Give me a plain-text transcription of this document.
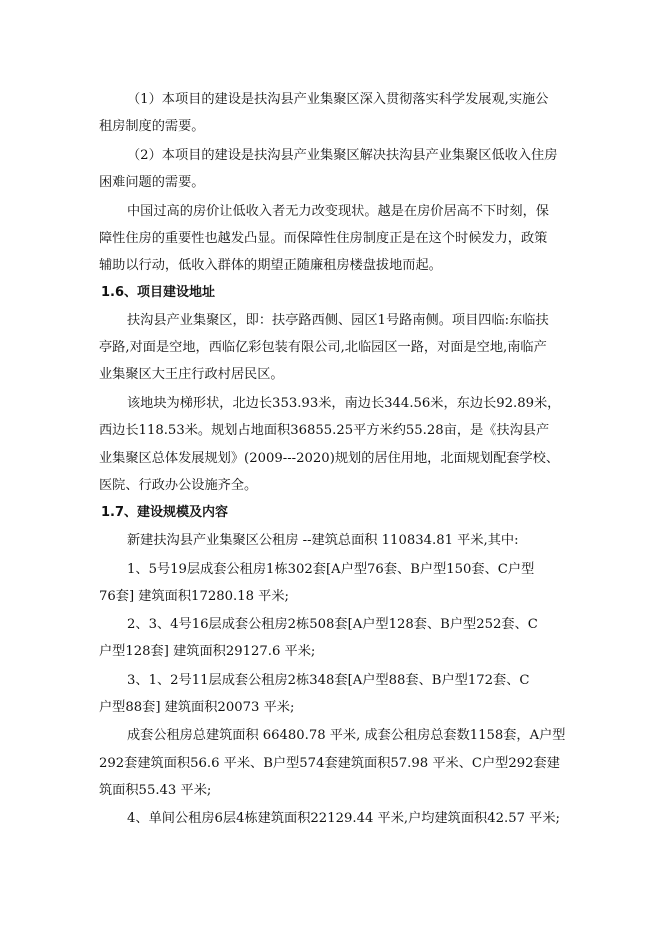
（1）本项目的建设是扶沟县产业集聚区深入贯彻落实科学发展观,实施公
租房制度的需要。
（2）本项目的建设是扶沟县产业集聚区解决扶沟县产业集聚区低收入住房
困难问题的需要。
中国过高的房价让低收入者无力改变现状。越是在房价居高不下时刻，保
障性住房的重要性也越发凸显。而保障性住房制度正是在这个时候发力，政策
辅助以行动，低收入群体的期望正随廉租房楼盘拔地而起。
1.6、项目建设地址
扶沟县产业集聚区，即：扶亭路西侧、园区1号路南侧。项目四临:东临扶
亭路,对面是空地，西临亿彩包装有限公司,北临园区一路，对面是空地,南临产
业集聚区大王庄行政村居民区。
该地块为梯形状，北边长353.93米，南边长344.56米，东边长92.89米，
西边长118.53米。规划占地面积36855.25平方米约55.28亩，是《扶沟县产
业集聚区总体发展规划》(2009---2020)规划的居住用地，北面规划配套学校、
医院、行政办公设施齐全。
1.7、建设规模及内容
新建扶沟县产业集聚区公租房 --建筑总面积 110834.81 平米,其中:
1、5号19层成套公租房1栋302套[A户型76套、B户型150套、C户型
76套] 建筑面积17280.18 平米;
2、3、4号16层成套公租房2栋508套[A户型128套、B户型252套、C
户型128套] 建筑面积29127.6 平米;
3、1、2号11层成套公租房2栋348套[A户型88套、B户型172套、C
户型88套] 建筑面积20073 平米;
成套公租房总建筑面积 66480.78 平米, 成套公租房总套数1158套，A户型
292套建筑面积56.6 平米、B户型574套建筑面积57.98 平米、C户型292套建
筑面积55.43 平米;
4、单间公租房6层4栋建筑面积22129.44 平米,户均建筑面积42.57 平米;
